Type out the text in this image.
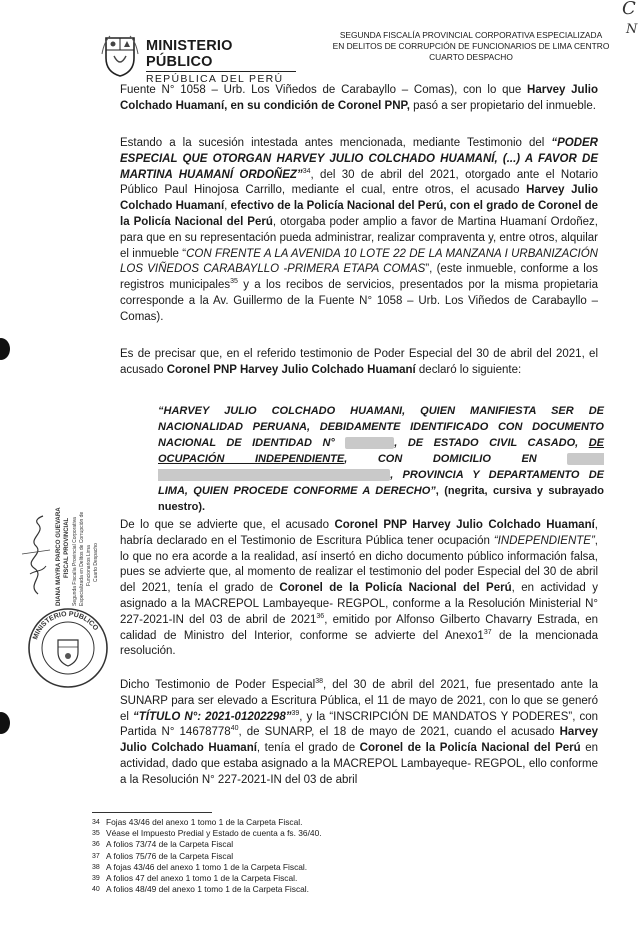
MINISTERIO PÚBLICO
REPÚBLICA DEL PERÚ
SEGUNDA FISCALÍA PROVINCIAL CORPORATIVA ESPECIALIZADA
EN DELITOS DE CORRUPCIÓN DE FUNCIONARIOS DE LIMA CENTRO
CUARTO DESPACHO
C
N
Fuente N° 1058 – Urb. Los Viñedos de Carabayllo – Comas), con lo que Harvey Julio Colchado Huamaní, en su condición de Coronel PNP, pasó a ser propietario del inmueble.
Estando a la sucesión intestada antes mencionada, mediante Testimonio del “PODER ESPECIAL QUE OTORGAN HARVEY JULIO COLCHADO HUAMANÍ, (...) A FAVOR DE MARTINA HUAMANÍ ORDOÑEZ”$^{34}$, del 30 de abril del 2021, otorgado ante el Notario Público Paul Hinojosa Carrillo, mediante el cual, entre otros, el acusado Harvey Julio Colchado Huamaní, efectivo de la Policía Nacional del Perú, con el grado de Coronel de la Policía Nacional del Perú, otorgaba poder amplio a favor de Martina Huamaní Ordoñez, para que en su representación pueda administrar, realizar compraventa y, entre otros, alquilar el inmueble “CON FRENTE A LA AVENIDA 10 LOTE 22 DE LA MANZANA I URBANIZACIÓN LOS VIÑEDOS CARABAYLLO -PRIMERA ETAPA COMAS”, (este inmueble, conforme a los registros municipales$^{35}$ y a los recibos de servicios, presentados por la misma propietaria corresponde a la Av. Guillermo de la Fuente N° 1058 – Urb. Los Viñedos de Carabayllo – Comas).
Es de precisar que, en el referido testimonio de Poder Especial del 30 de abril del 2021, el acusado Coronel PNP Harvey Julio Colchado Huamaní declaró lo siguiente:
“HARVEY JULIO COLCHADO HUAMANI, QUIEN MANIFIESTA SER DE NACIONALIDAD PERUANA, DEBIDAMENTE IDENTIFICADO CON DOCUMENTO NACIONAL DE IDENTIDAD N°	, DE ESTADO CIVIL CASADO, DE OCUPACIÓN INDEPENDIENTE, CON DOMICILIO EN , PROVINCIA Y DEPARTAMENTO DE LIMA, QUIEN PROCEDE CONFORME A DERECHO”, (negrita, cursiva y subrayado nuestro).
De lo que se advierte que, el acusado Coronel PNP Harvey Julio Colchado Huamaní, habría declarado en el Testimonio de Escritura Pública tener ocupación “INDEPENDIENTE”, lo que no era acorde a la realidad, así insertó en dicho documento público información falsa, pues se advierte que, al momento de realizar el testimonio del poder Especial del 30 de abril del 2021, tenía el grado de Coronel de la Policía Nacional del Perú, en actividad y asignado a la MACREPOL Lambayeque- REGPOL, conforme a la Resolución Ministerial N° 227-2021-IN del 03 de abril de 2021$^{36}$, emitido por Alfonso Gilberto Chavarry Estrada, en calidad de Ministro del Interior, conforme se advierte del $Anexo1^{37}$ de la mencionada resolución.
Dicho Testimonio de Poder Especial$^{38}$, del 30 de abril del 2021, fue presentado ante la SUNARP para ser elevado a Escritura Pública, el 11 de mayo de 2021, con lo que se generó el “TÍTULO N°: 2021-01202298”$^{39}$, y la “INSCRIPCIÓN DE MANDATOS Y PODERES”, con Partida N° 14678778$^{40}$, de SUNARP, el 18 de mayo de 2021, cuando el acusado Harvey Julio Colchado Huamaní, tenía el grado de Coronel de la Policía Nacional del Perú en actividad, dado que estaba asignado a la MACREPOL Lambayeque- REGPOL, ello conforme a la Resolución N° 227-2021-IN del 03 de abril
34 Fojas 43/46 del anexo 1 tomo 1 de la Carpeta Fiscal.
35 Véase el Impuesto Predial y Estado de cuenta a fs. 36/40.
36 A folios 73/74 de la Carpeta Fiscal
37 A folios 75/76 de la Carpeta Fiscal
38 A fojas 43/46 del anexo 1 tomo 1 de la Carpeta Fiscal.
39 A folios 47 del anexo 1 tomo 1 de la Carpeta Fiscal.
40 A folios 48/49 del anexo 1 tomo 1 de la Carpeta Fiscal.
DIANA MAYRA PARCO GUEVARA FISCAL PROVINCIAL Segunda Fiscalía Provincial Corporativa Especializada en Delitos de Corrupción de Funcionarios Lima Cuarto Despacho
MINISTERIO PÚBLICO
